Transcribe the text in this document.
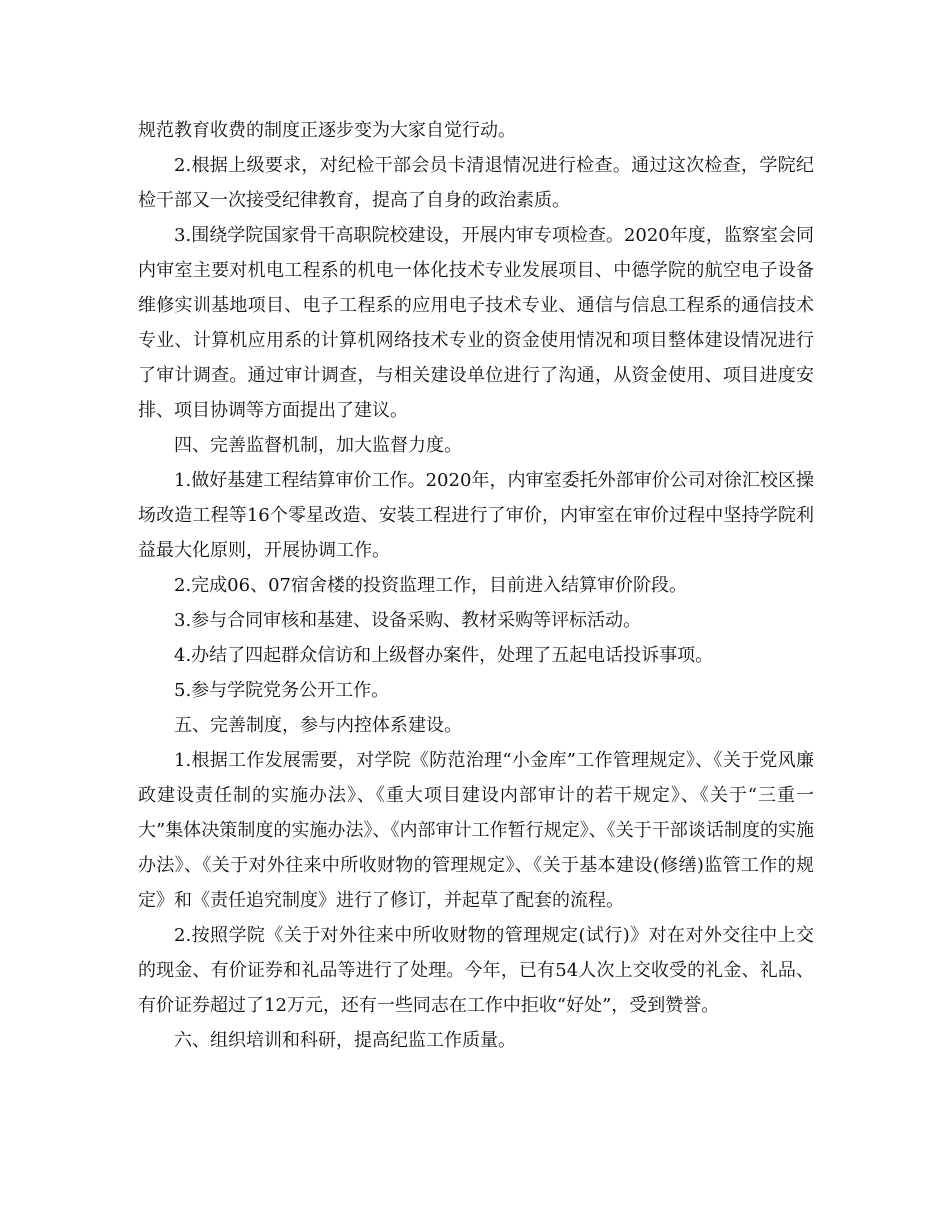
规范教育收费的制度正逐步变为大家自觉行动。

2.根据上级要求，对纪检干部会员卡清退情况进行检查。通过这次检查，学院纪检干部又一次接受纪律教育，提高了自身的政治素质。

3.围绕学院国家骨干高职院校建设，开展内审专项检查。2020年度，监察室会同内审室主要对机电工程系的机电一体化技术专业发展项目、中德学院的航空电子设备维修实训基地项目、电子工程系的应用电子技术专业、通信与信息工程系的通信技术专业、计算机应用系的计算机网络技术专业的资金使用情况和项目整体建设情况进行了审计调查。通过审计调查，与相关建设单位进行了沟通，从资金使用、项目进度安排、项目协调等方面提出了建议。

四、完善监督机制，加大监督力度。

1.做好基建工程结算审价工作。2020年，内审室委托外部审价公司对徐汇校区操场改造工程等16个零星改造、安装工程进行了审价，内审室在审价过程中坚持学院利益最大化原则，开展协调工作。

2.完成06、07宿舍楼的投资监理工作，目前进入结算审价阶段。

3.参与合同审核和基建、设备采购、教材采购等评标活动。

4.办结了四起群众信访和上级督办案件，处理了五起电话投诉事项。

5.参与学院党务公开工作。

五、完善制度，参与内控体系建设。

1.根据工作发展需要，对学院《防范治理“小金库”工作管理规定》、《关于党风廉政建设责任制的实施办法》、《重大项目建设内部审计的若干规定》、《关于“三重一大”集体决策制度的实施办法》、《内部审计工作暂行规定》、《关于干部谈话制度的实施办法》、《关于对外往来中所收财物的管理规定》、《关于基本建设(修缮)监管工作的规定》和《责任追究制度》进行了修订，并起草了配套的流程。

2.按照学院《关于对外往来中所收财物的管理规定(试行)》对在对外交往中上交的现金、有价证券和礼品等进行了处理。今年，已有54人次上交收受的礼金、礼品、有价证券超过了12万元，还有一些同志在工作中拒收“好处”，受到赞誉。

六、组织培训和科研，提高纪监工作质量。
